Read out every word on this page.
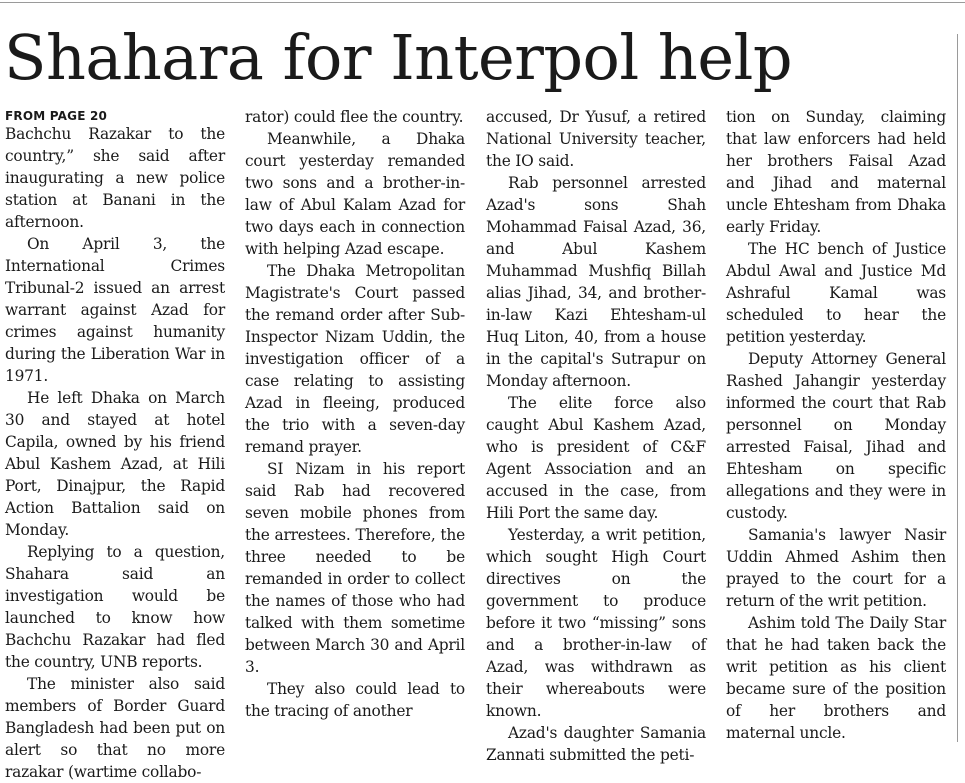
Shahara for Interpol help
FROM PAGE 20

Bachchu Razakar to the country,” she said after inaugurating a new police station at Banani in the afternoon.

On April 3, the International Crimes Tribunal-2 issued an arrest warrant against Azad for crimes against humanity during the Liberation War in 1971.

He left Dhaka on March 30 and stayed at hotel Capila, owned by his friend Abul Kashem Azad, at Hili Port, Dinajpur, the Rapid Action Battalion said on Monday.

Replying to a question, Shahara said an investigation would be launched to know how Bachchu Razakar had fled the country, UNB reports.

The minister also said members of Border Guard Bangladesh had been put on alert so that no more razakar (wartime collabo-

rator) could flee the country.

Meanwhile, a Dhaka court yesterday remanded two sons and a brother-in-law of Abul Kalam Azad for two days each in connection with helping Azad escape.

The Dhaka Metropolitan Magistrate's Court passed the remand order after Sub-Inspector Nizam Uddin, the investigation officer of a case relating to assisting Azad in fleeing, produced the trio with a seven-day remand prayer.

SI Nizam in his report said Rab had recovered seven mobile phones from the arrestees. Therefore, the three needed to be remanded in order to collect the names of those who had talked with them sometime between March 30 and April 3.

They also could lead to the tracing of another

accused, Dr Yusuf, a retired National University teacher, the IO said.

Rab personnel arrested Azad's sons Shah Mohammad Faisal Azad, 36, and Abul Kashem Muhammad Mushfiq Billah alias Jihad, 34, and brother-in-law Kazi Ehtesham-ul Huq Liton, 40, from a house in the capital's Sutrapur on Monday afternoon.

The elite force also caught Abul Kashem Azad, who is president of C&F Agent Association and an accused in the case, from Hili Port the same day.

Yesterday, a writ petition, which sought High Court directives on the government to produce before it two “missing” sons and a brother-in-law of Azad, was withdrawn as their whereabouts were known.

Azad's daughter Samania Zannati submitted the peti-

tion on Sunday, claiming that law enforcers had held her brothers Faisal Azad and Jihad and maternal uncle Ehtesham from Dhaka early Friday.

The HC bench of Justice Abdul Awal and Justice Md Ashraful Kamal was scheduled to hear the petition yesterday.

Deputy Attorney General Rashed Jahangir yesterday informed the court that Rab personnel on Monday arrested Faisal, Jihad and Ehtesham on specific allegations and they were in custody.

Samania's lawyer Nasir Uddin Ahmed Ashim then prayed to the court for a return of the writ petition.

Ashim told The Daily Star that he had taken back the writ petition as his client became sure of the position of her brothers and maternal uncle.
